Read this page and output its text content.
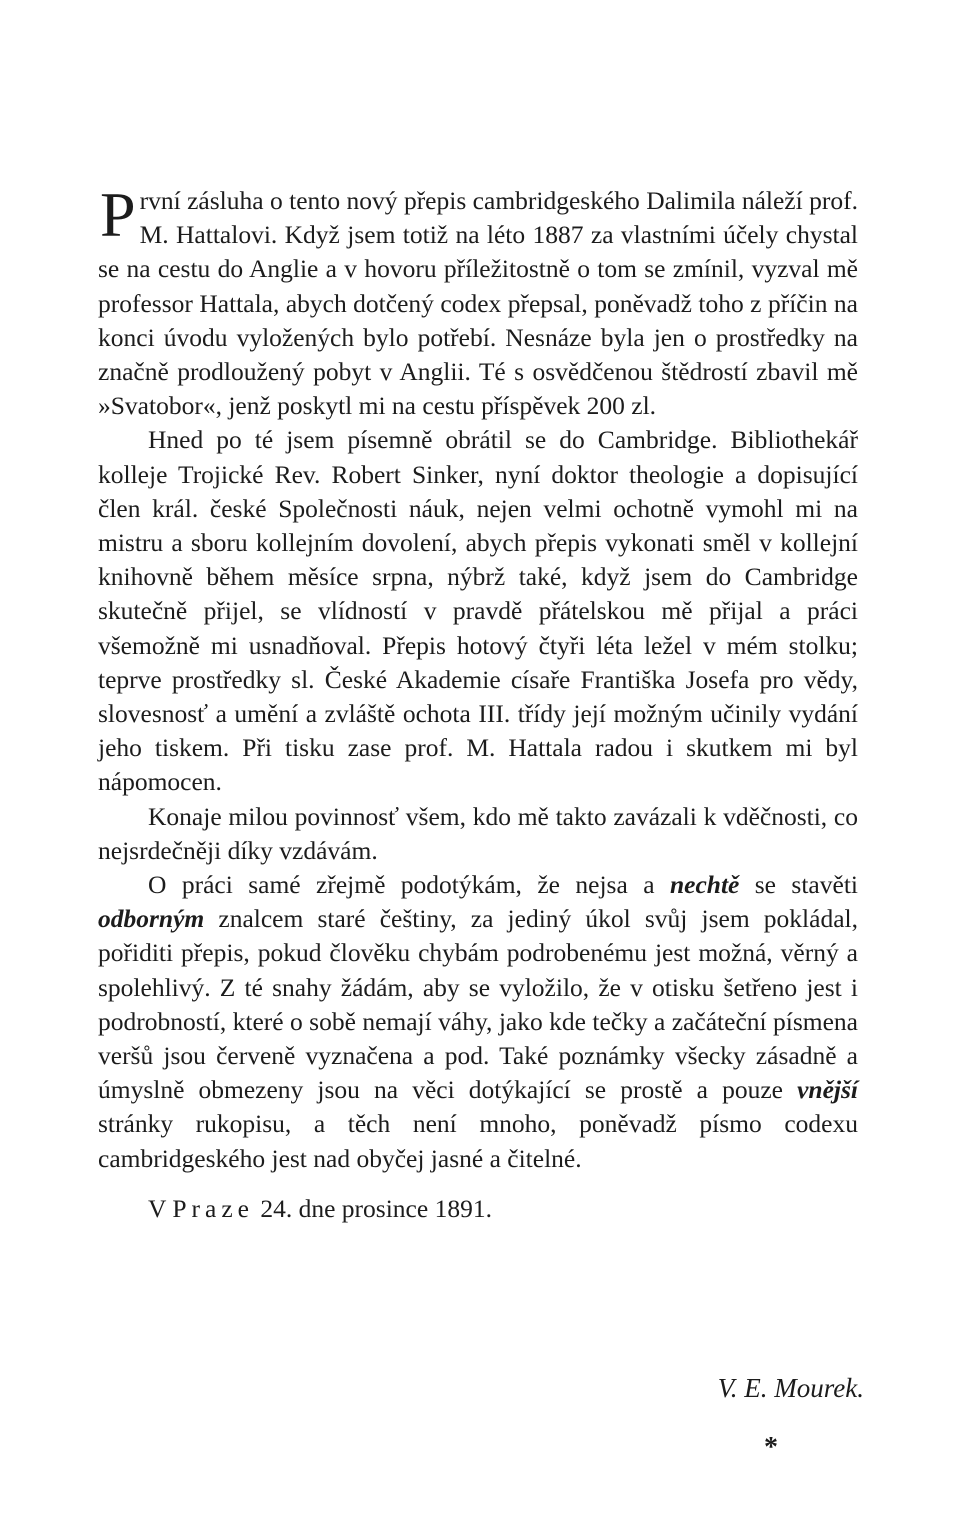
První zásluha o tento nový přepis cambridgeského Dalimila náleží prof. M. Hattalovi. Když jsem totiž na léto 1887 za vlastními účely chystal se na cestu do Anglie a v hovoru příležitostně o tom se zmínil, vyzval mě professor Hattala, abych dotčený codex přepsal, poněvadž toho z příčin na konci úvodu vyložených bylo potřebí. Nesnáze byla jen o prostředky na značně prodloužený pobyt v Anglii. Té s osvědčenou štědrostí zbavil mě »Svatobor«, jenž poskytl mi na cestu příspěvek 200 zl.

Hned po té jsem písemně obrátil se do Cambridge. Bibliothekář kolleje Trojické Rev. Robert Sinker, nyní doktor theologie a dopisující člen král. české Společnosti náuk, nejen velmi ochotně vymohl mi na mistru a sboru kollejním dovolení, abych přepis vykonati směl v kollejní knihovně během měsíce srpna, nýbrž také, když jsem do Cambridge skutečně přijel, se vlídností v pravdě přátelskou mě přijal a práci všemožně mi usnadňoval. Přepis hotový čtyři léta ležel v mém stolku; teprve prostředky sl. České Akademie císaře Františka Josefa pro vědy, slovesnosť a umění a zvláště ochota III. třídy její možným učinily vydání jeho tiskem. Při tisku zase prof. M. Hattala radou i skutkem mi byl nápomocen.

Konaje milou povinnosť všem, kdo mě takto zavázali k vděčnosti, co nejsrdečněji díky vzdávám.

O práci samé zřejmě podotýkám, že nejsa a nechtě se stavěti odborným znalcem staré češtiny, za jediný úkol svůj jsem pokládal, pořiditi přepis, pokud člověku chybám podrobenému jest možná, věrný a spolehlivý. Z té snahy žádám, aby se vyložilo, že v otisku šetřeno jest i podrobností, které o sobě nemají váhy, jako kde tečky a začáteční písmena veršů jsou červeně vyznačena a pod. Také poznámky všecky zásadně a úmyslně obmezeny jsou na věci dotýkající se prostě a pouze vnější stránky rukopisu, a těch není mnoho, poněvadž písmo codexu cambridgeského jest nad obyčej jasné a čitelné.

V Praze 24. dne prosince 1891.

V. E. Mourek.
*
